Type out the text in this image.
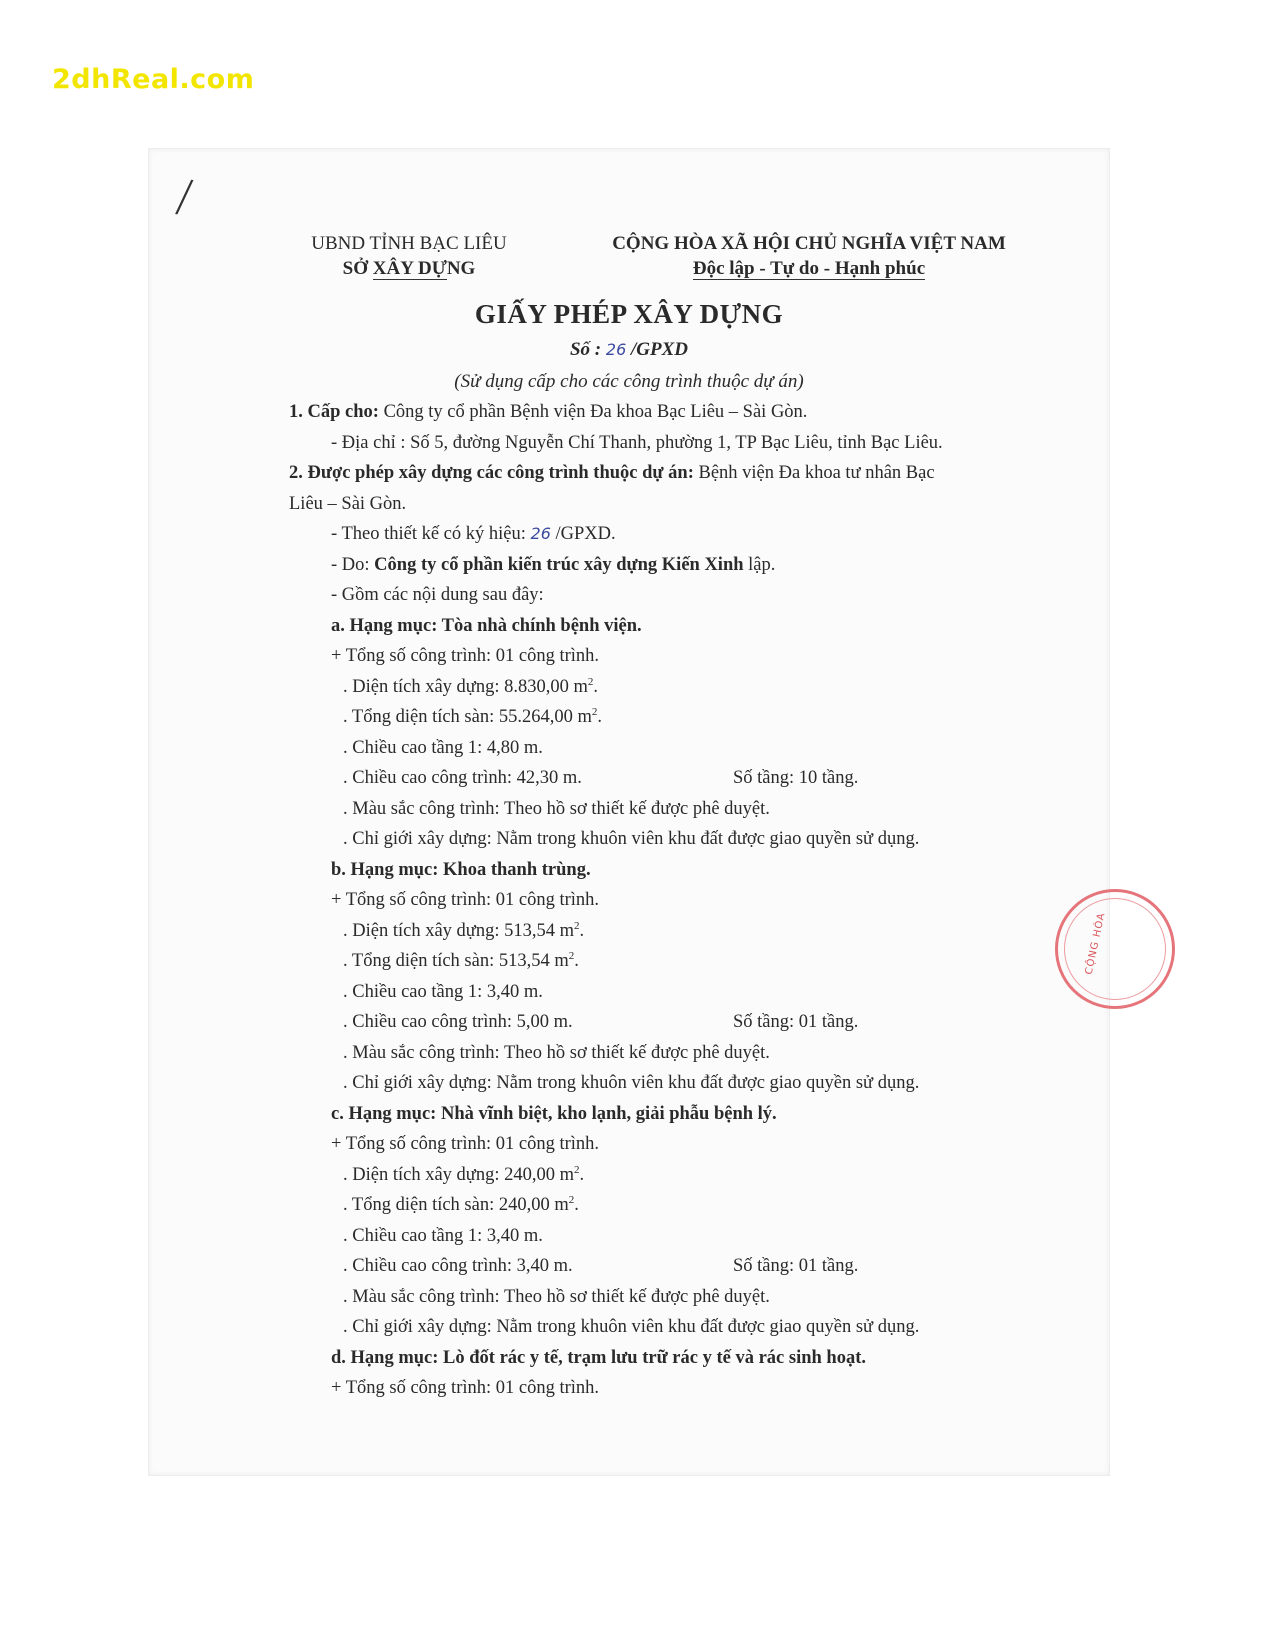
2dhReal.com
/
UBND TỈNH BẠC LIÊU
SỞ XÂY DỰNG
CỘNG HÒA XÃ HỘI CHỦ NGHĨA VIỆT NAM
Độc lập - Tự do - Hạnh phúc
GIẤY PHÉP XÂY DỰNG
Số : 26 /GPXD
(Sử dụng cấp cho các công trình thuộc dự án)
CỘNG HÒA
1. Cấp cho: Công ty cổ phần Bệnh viện Đa khoa Bạc Liêu – Sài Gòn.
- Địa chỉ : Số 5, đường Nguyễn Chí Thanh, phường 1, TP Bạc Liêu, tỉnh Bạc Liêu.
2. Được phép xây dựng các công trình thuộc dự án: Bệnh viện Đa khoa tư nhân Bạc
Liêu – Sài Gòn.
- Theo thiết kế có ký hiệu: 26 /GPXD.
- Do: Công ty cổ phần kiến trúc xây dựng Kiến Xinh lập.
- Gồm các nội dung sau đây:
a. Hạng mục: Tòa nhà chính bệnh viện.
+ Tổng số công trình: 01 công trình.
. Diện tích xây dựng: 8.830,00 $m^2$.
. Tổng diện tích sàn: 55.264,00 $m^2$.
. Chiều cao tầng 1: 4,80 m.
. Chiều cao công trình: 42,30 m.	Số tầng: 10 tầng.
. Màu sắc công trình: Theo hồ sơ thiết kế được phê duyệt.
. Chỉ giới xây dựng: Nằm trong khuôn viên khu đất được giao quyền sử dụng.
b. Hạng mục: Khoa thanh trùng.
+ Tổng số công trình: 01 công trình.
. Diện tích xây dựng: 513,54 $m^2$.
. Tổng diện tích sàn: 513,54 $m^2$.
. Chiều cao tầng 1: 3,40 m.
. Chiều cao công trình: 5,00 m.	Số tầng: 01 tầng.
. Màu sắc công trình: Theo hồ sơ thiết kế được phê duyệt.
. Chỉ giới xây dựng: Nằm trong khuôn viên khu đất được giao quyền sử dụng.
c. Hạng mục: Nhà vĩnh biệt, kho lạnh, giải phẫu bệnh lý.
+ Tổng số công trình: 01 công trình.
. Diện tích xây dựng: 240,00 $m^2$.
. Tổng diện tích sàn: 240,00 $m^2$.
. Chiều cao tầng 1: 3,40 m.
. Chiều cao công trình: 3,40 m.	Số tầng: 01 tầng.
. Màu sắc công trình: Theo hồ sơ thiết kế được phê duyệt.
. Chỉ giới xây dựng: Nằm trong khuôn viên khu đất được giao quyền sử dụng.
d. Hạng mục: Lò đốt rác y tế, trạm lưu trữ rác y tế và rác sinh hoạt.
+ Tổng số công trình: 01 công trình.
